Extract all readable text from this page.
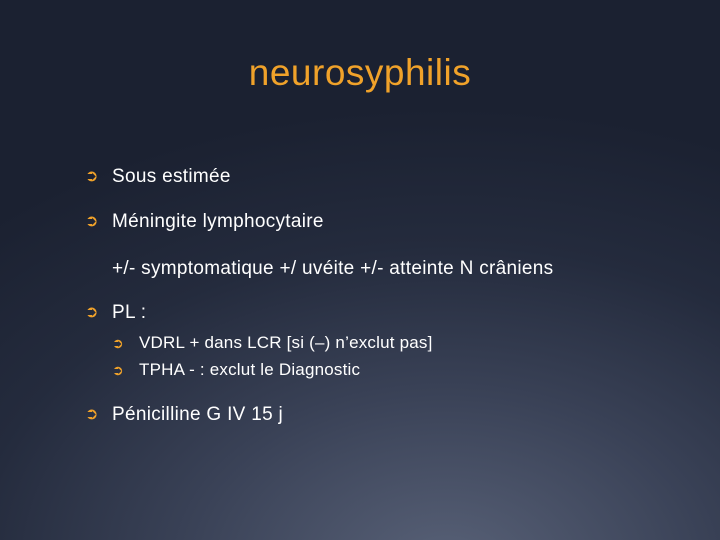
neurosyphilis
➲ Sous estimée
➲ Méningite lymphocytaire
+/- symptomatique +/ uvéite +/- atteinte N crâniens
➲ PL :
➲ VDRL + dans LCR [si (–) n’exclut pas]
➲ TPHA - : exclut le Diagnostic
➲ Pénicilline G IV 15 j
